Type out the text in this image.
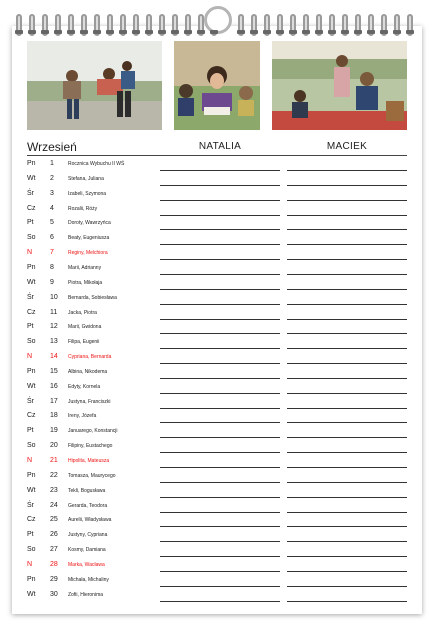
Wrzesień	NATALIA	MACIEK
Pn 1	Rocznica Wybuchu II WŚ
Wt 2	Stefana, Juliana
Śr 3	Izabeli, Szymona
Cz 4	Rozalii, Róży
Pt 5	Doroty, Wawrzyńca
So 6	Beaty, Eugeniusza
N	7	Reginy, Melchiora
Pn 8	Marii, Adrianny
Wt 9	Piotra, Mikołaja
Śr 10 Bernarda, Sobiesława
Cz 11 Jacka, Piotra
Pt 12 Marii, Gwidona
So 13 Filipa, Eugenii
N	14 Cypriana, Bernarda
Pn 15 Albina, Nikodema
Wt 16 Edyty, Kornela
Śr 17 Justyna, Franciszki
Cz 18 Ireny, Józefa
Pt 19 Januarego, Konstancji
So 20 Filipiny, Eustachego
N	21 Hipolita, Mateusza
Pn 22 Tomasza, Maurycego
Wt 23 Tekli, Bogusława
Śr 24 Gerarda, Teodora
Cz 25 Aurelii, Władysława
Pt 26 Justyny, Cypriana
So 27 Kosmy, Damiana
N	28 Marka, Wacława
Pn 29 Michała, Michaliny
Wt 30 Zofii, Hieronima
